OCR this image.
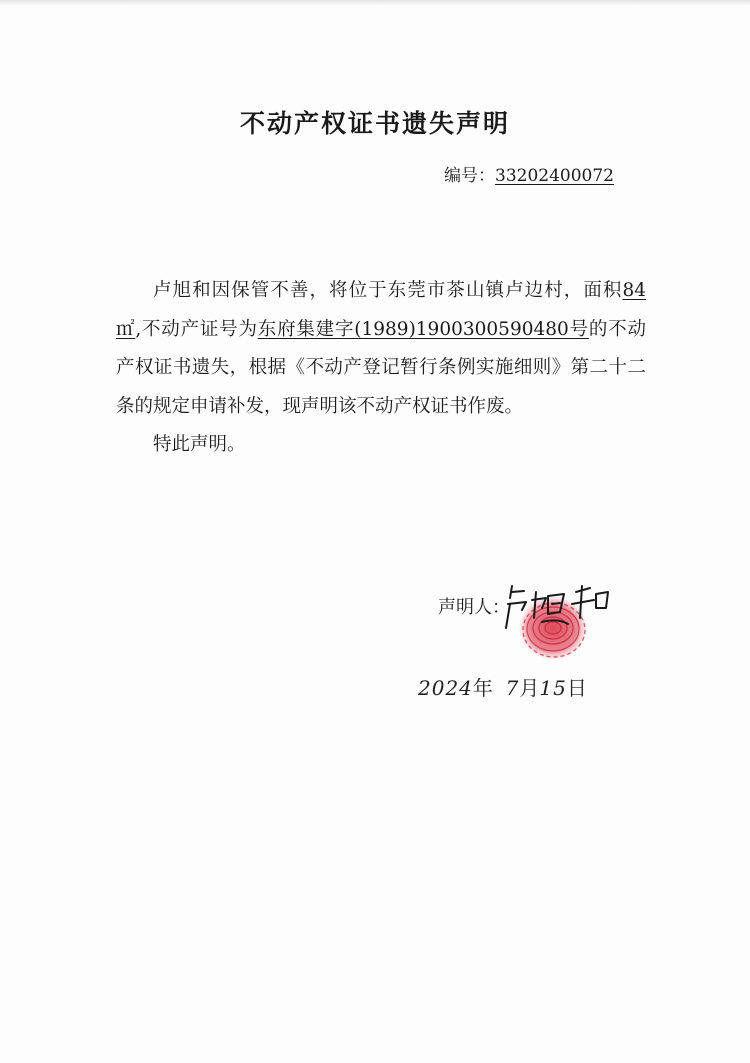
不动产权证书遗失声明
编号：33202400072

卢旭和因保管不善，将位于东莞市茶山镇卢边村，面积84 ㎡,不动产证号为东府集建字(1989)1900300590480号的不动产权证书遗失，根据《不动产登记暂行条例实施细则》第二十二条的规定申请补发，现声明该不动产权证书作废。

特此声明。

声明人：
2024年 7月15日
